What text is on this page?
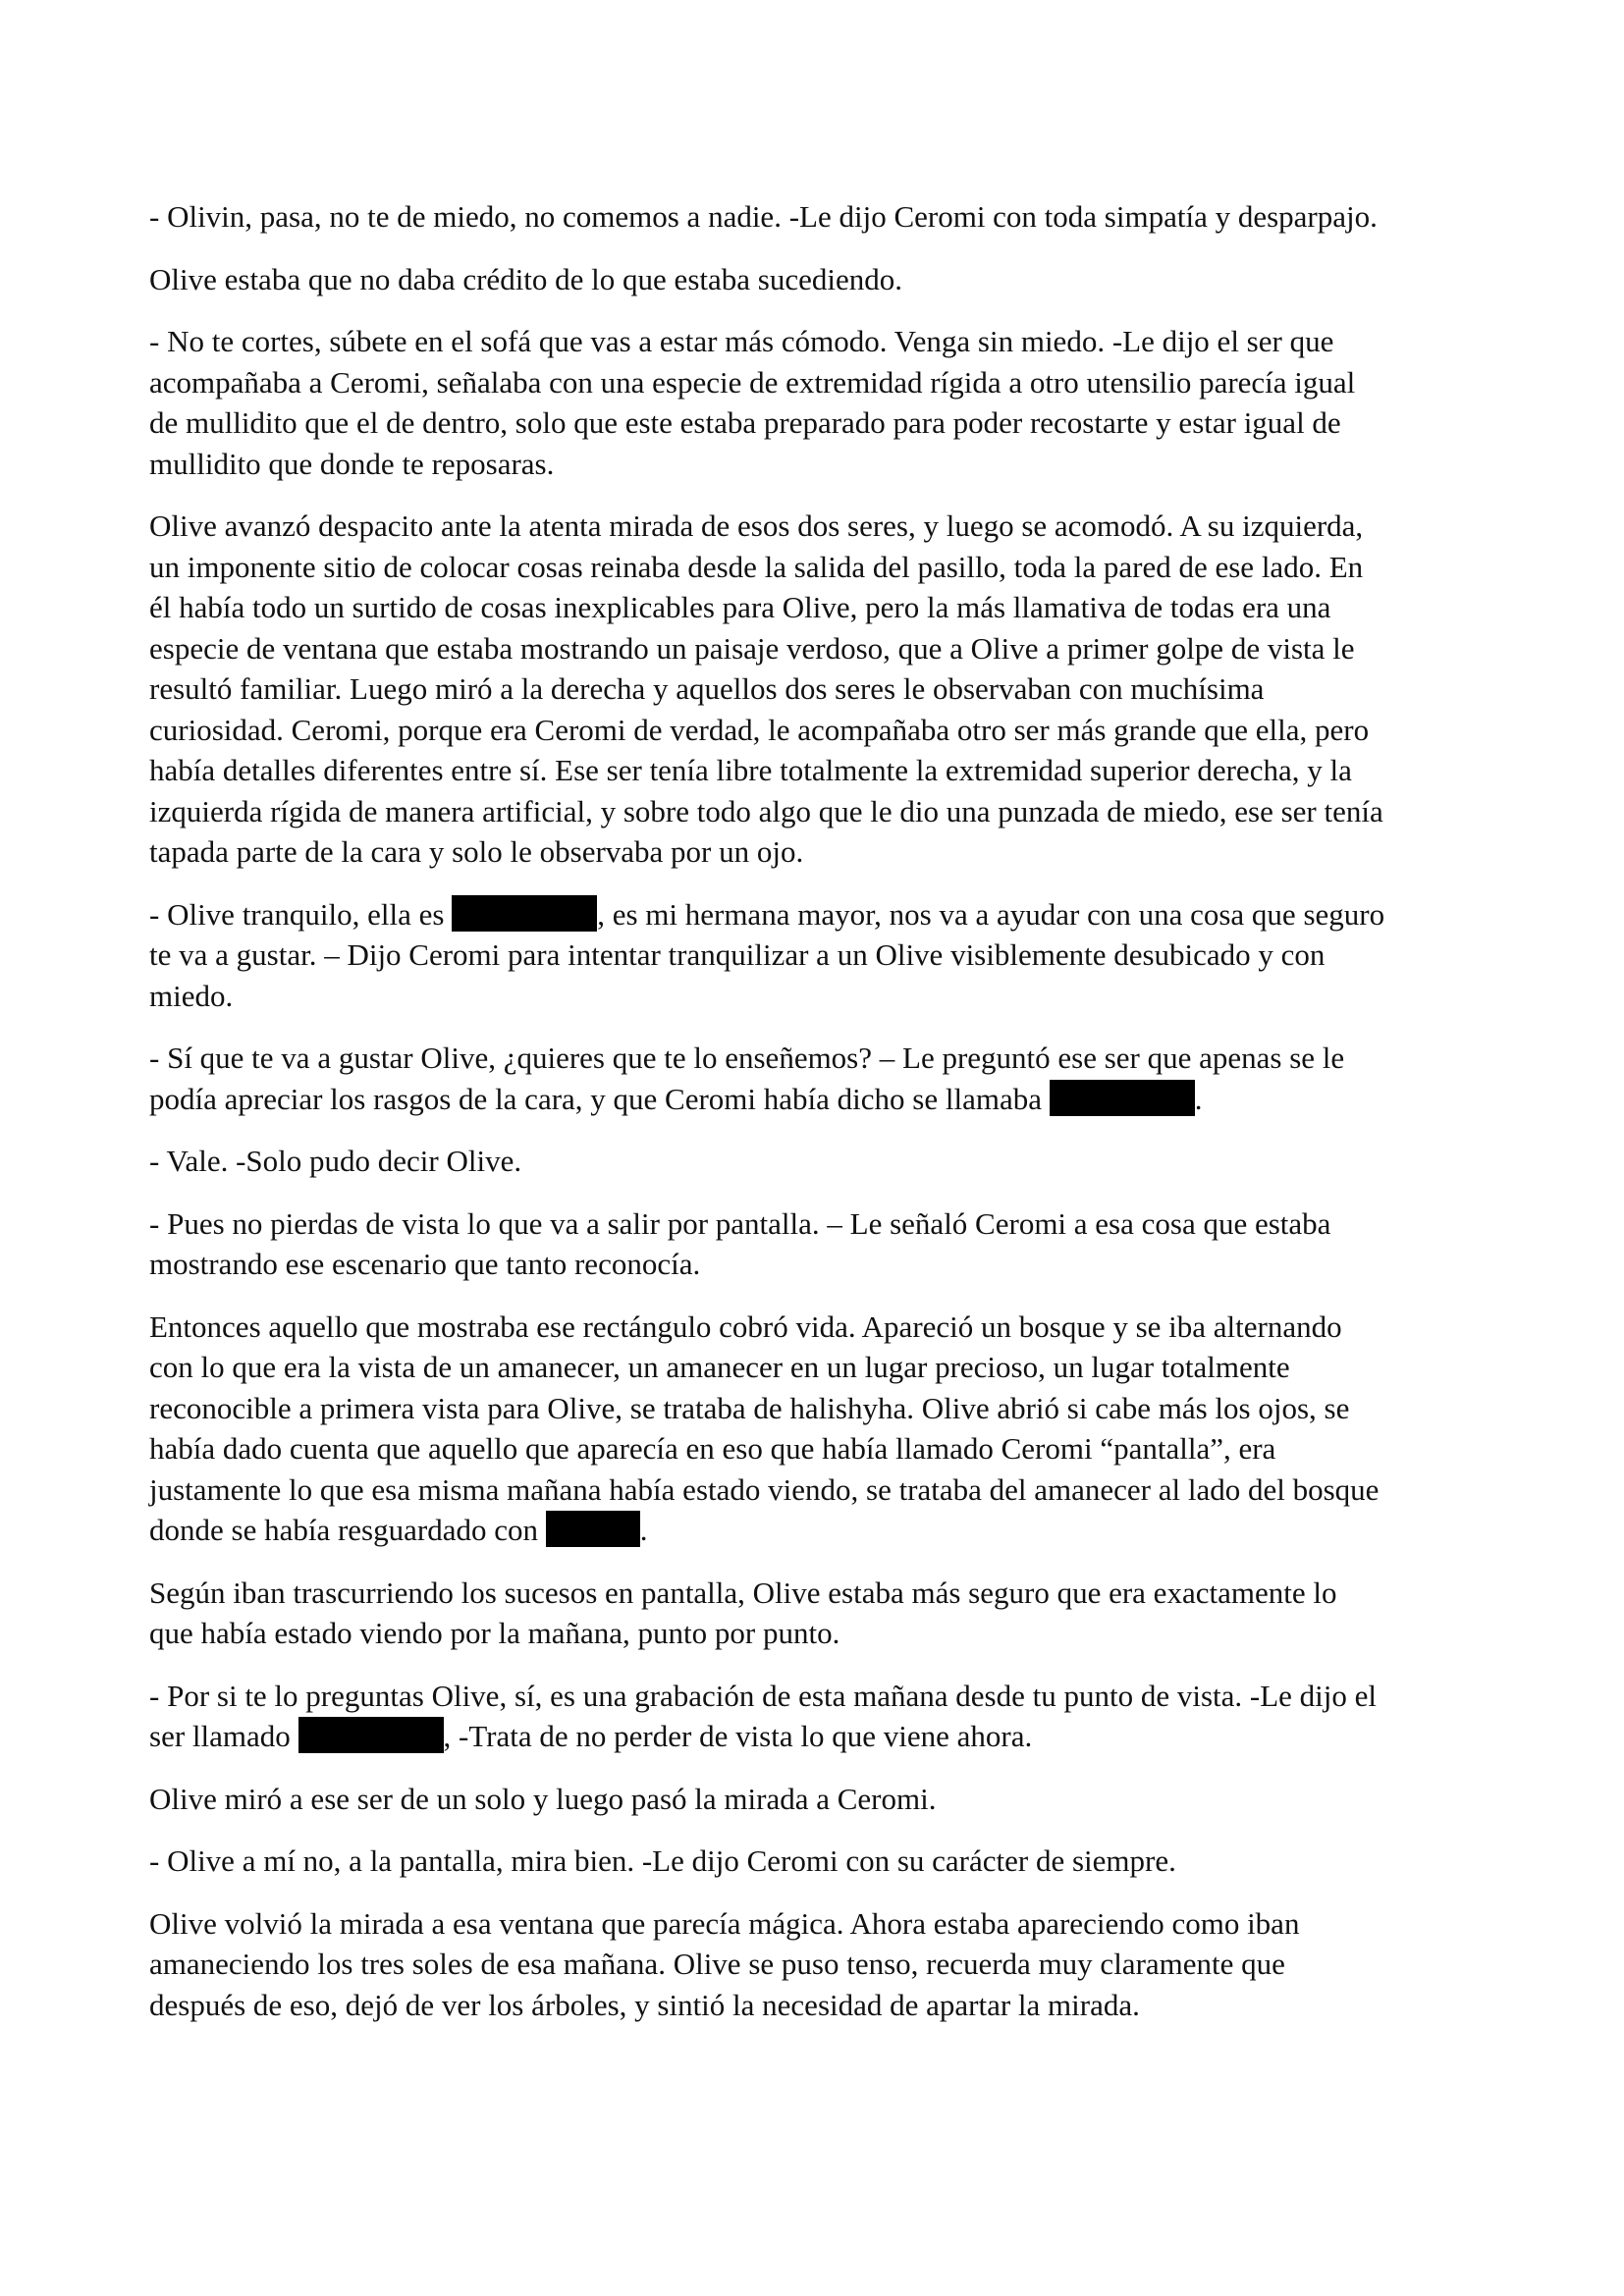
- Olivin, pasa, no te de miedo, no comemos a nadie. -Le dijo Ceromi con toda simpatía y desparpajo.

Olive estaba que no daba crédito de lo que estaba sucediendo.

- No te cortes, súbete en el sofá que vas a estar más cómodo. Venga sin miedo. -Le dijo el ser que
acompañaba a Ceromi, señalaba con una especie de extremidad rígida a otro utensilio parecía igual
de mullidito que el de dentro, solo que este estaba preparado para poder recostarte y estar igual de
mullidito que donde te reposaras.

Olive avanzó despacito ante la atenta mirada de esos dos seres, y luego se acomodó. A su izquierda,
un imponente sitio de colocar cosas reinaba desde la salida del pasillo, toda la pared de ese lado. En
él había todo un surtido de cosas inexplicables para Olive, pero la más llamativa de todas era una
especie de ventana que estaba mostrando un paisaje verdoso, que a Olive a primer golpe de vista le
resultó familiar. Luego miró a la derecha y aquellos dos seres le observaban con muchísima
curiosidad. Ceromi, porque era Ceromi de verdad, le acompañaba otro ser más grande que ella, pero
había detalles diferentes entre sí. Ese ser tenía libre totalmente la extremidad superior derecha, y la
izquierda rígida de manera artificial, y sobre todo algo que le dio una punzada de miedo, ese ser tenía
tapada parte de la cara y solo le observaba por un ojo.

- Olive tranquilo, ella es	, es mi hermana mayor, nos va a ayudar con una cosa que seguro
te va a gustar. – Dijo Ceromi para intentar tranquilizar a un Olive visiblemente desubicado y con
miedo.

- Sí que te va a gustar Olive, ¿quieres que te lo enseñemos? – Le preguntó ese ser que apenas se le
podía apreciar los rasgos de la cara, y que Ceromi había dicho se llamaba	.

- Vale. -Solo pudo decir Olive.

- Pues no pierdas de vista lo que va a salir por pantalla. – Le señaló Ceromi a esa cosa que estaba
mostrando ese escenario que tanto reconocía.

Entonces aquello que mostraba ese rectángulo cobró vida. Apareció un bosque y se iba alternando
con lo que era la vista de un amanecer, un amanecer en un lugar precioso, un lugar totalmente
reconocible a primera vista para Olive, se trataba de halishyha. Olive abrió si cabe más los ojos, se
había dado cuenta que aquello que aparecía en eso que había llamado Ceromi “pantalla”, era
justamente lo que esa misma mañana había estado viendo, se trataba del amanecer al lado del bosque
donde se había resguardado con	.

Según iban trascurriendo los sucesos en pantalla, Olive estaba más seguro que era exactamente lo
que había estado viendo por la mañana, punto por punto.

- Por si te lo preguntas Olive, sí, es una grabación de esta mañana desde tu punto de vista. -Le dijo el
ser llamado	, -Trata de no perder de vista lo que viene ahora.

Olive miró a ese ser de un solo y luego pasó la mirada a Ceromi.

- Olive a mí no, a la pantalla, mira bien. -Le dijo Ceromi con su carácter de siempre.

Olive volvió la mirada a esa ventana que parecía mágica. Ahora estaba apareciendo como iban
amaneciendo los tres soles de esa mañana. Olive se puso tenso, recuerda muy claramente que
después de eso, dejó de ver los árboles, y sintió la necesidad de apartar la mirada.
